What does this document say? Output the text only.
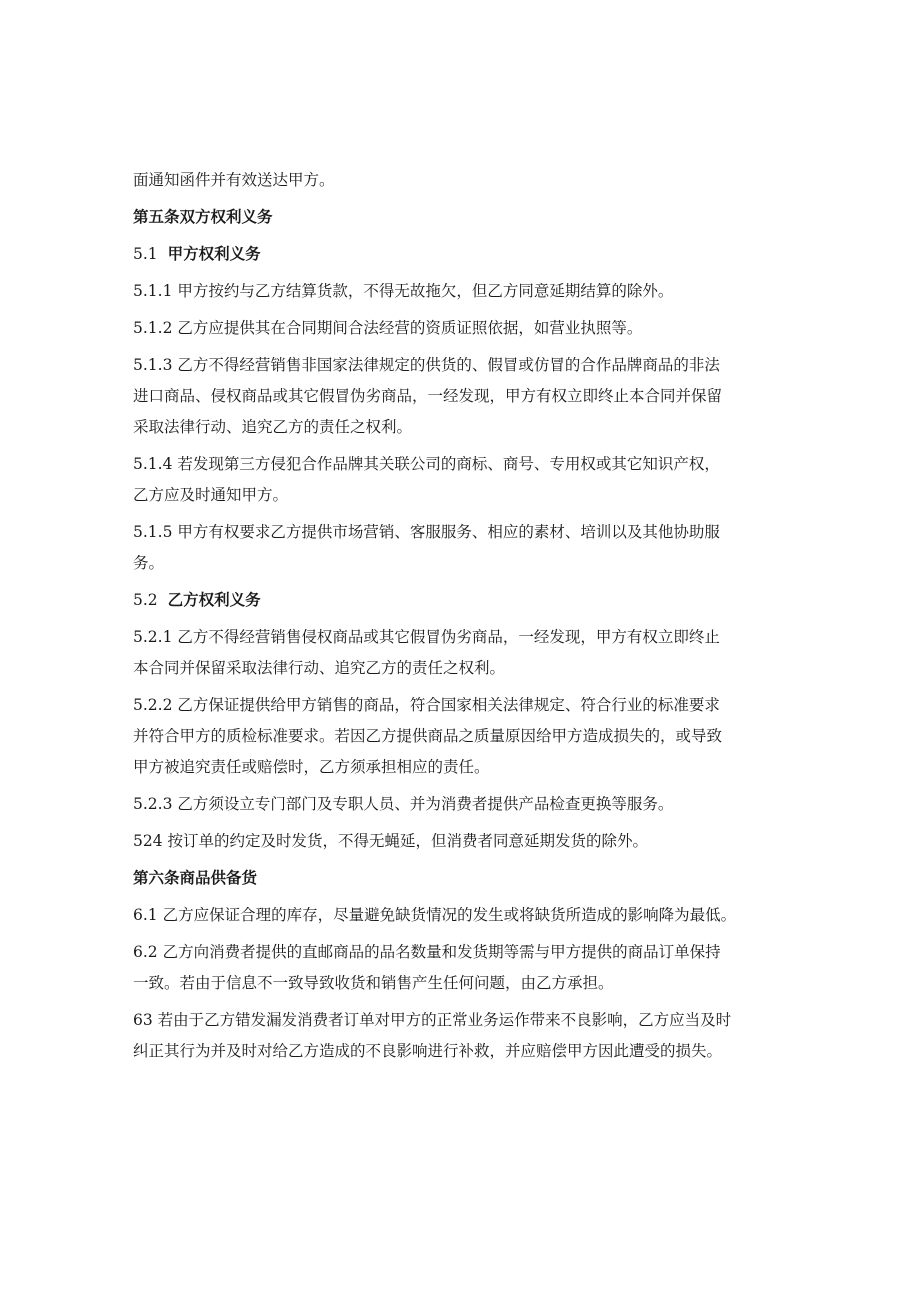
面通知函件并有效送达甲方。
第五条双方权利义务
5.1 甲方权利义务
5.1.1 甲方按约与乙方结算货款，不得无故拖欠，但乙方同意延期结算的除外。
5.1.2 乙方应提供其在合同期间合法经营的资质证照依据，如营业执照等。
5.1.3 乙方不得经营销售非国家法律规定的供货的、假冒或仿冒的合作品牌商品的非法
进口商品、侵权商品或其它假冒伪劣商品，一经发现，甲方有权立即终止本合同并保留
采取法律行动、追究乙方的责任之权利。
5.1.4 若发现第三方侵犯合作品牌其关联公司的商标、商号、专用权或其它知识产权，
乙方应及时通知甲方。
5.1.5 甲方有权要求乙方提供市场营销、客服服务、相应的素材、培训以及其他协助服
务。
5.2 乙方权利义务
5.2.1 乙方不得经营销售侵权商品或其它假冒伪劣商品，一经发现，甲方有权立即终止
本合同并保留采取法律行动、追究乙方的责任之权利。
5.2.2 乙方保证提供给甲方销售的商品，符合国家相关法律规定、符合行业的标准要求
并符合甲方的质检标准要求。若因乙方提供商品之质量原因给甲方造成损失的，或导致
甲方被追究责任或赔偿时，乙方须承担相应的责任。
5.2.3 乙方须设立专门部门及专职人员、并为消费者提供产品检查更换等服务。
524 按订单的约定及时发货，不得无蝇延，但消费者同意延期发货的除外。
第六条商品供备货
6.1 乙方应保证合理的库存，尽量避免缺货情况的发生或将缺货所造成的影响降为最低。
6.2 乙方向消费者提供的直邮商品的品名数量和发货期等需与甲方提供的商品订单保持
一致。若由于信息不一致导致收货和销售产生任何问题，由乙方承担。
63 若由于乙方错发漏发消费者订单对甲方的正常业务运作带来不良影响，乙方应当及时
纠正其行为并及时对给乙方造成的不良影响进行补救，并应赔偿甲方因此遭受的损失。
